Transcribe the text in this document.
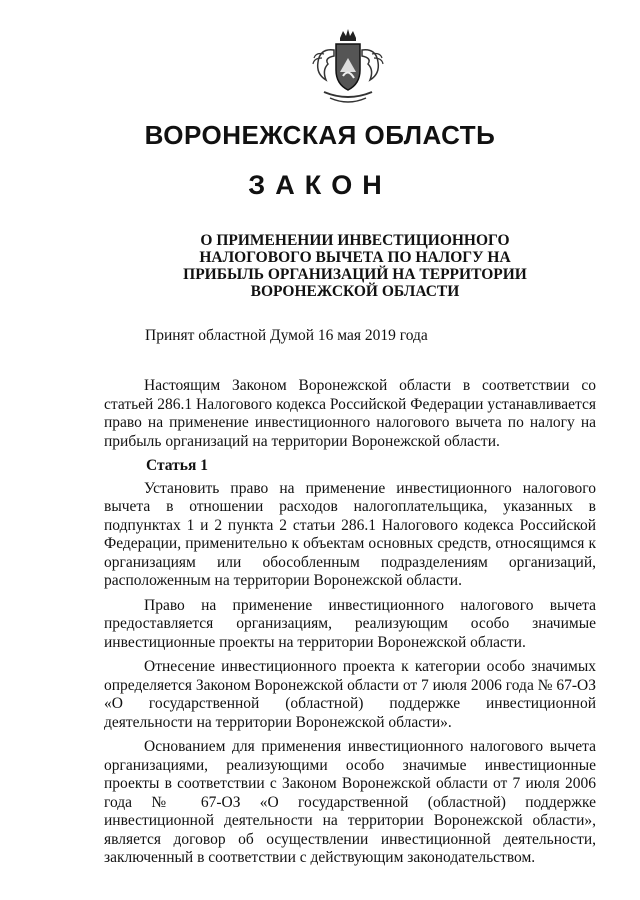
ВОРОНЕЖСКАЯ ОБЛАСТЬ
ЗАКОН
О ПРИМЕНЕНИИ ИНВЕСТИЦИОННОГО
НАЛОГОВОГО ВЫЧЕТА ПО НАЛОГУ НА
ПРИБЫЛЬ ОРГАНИЗАЦИЙ НА ТЕРРИТОРИИ
ВОРОНЕЖСКОЙ ОБЛАСТИ
Принят областной Думой 16 мая 2019 года

Настоящим Законом Воронежской области в соответствии со статьей 286.1 Налогового кодекса Российской Федерации устанавливается право на применение инвестиционного налогового вычета по налогу на прибыль организаций на территории Воронежской области.

Статья 1

Установить право на применение инвестиционного налогового вычета в отношении расходов налогоплательщика, указанных в подпунктах 1 и 2 пункта 2 статьи 286.1 Налогового кодекса Российской Федерации, применительно к объектам основных средств, относящимся к организациям или обособленным подразделениям организаций, расположенным на территории Воронежской области.

Право на применение инвестиционного налогового вычета предоставляется организациям, реализующим особо значимые инвестиционные проекты на территории Воронежской области.

Отнесение инвестиционного проекта к категории особо значимых определяется Законом Воронежской области от 7 июля 2006 года № 67-ОЗ «О государственной (областной) поддержке инвестиционной деятельности на территории Воронежской области».

Основанием для применения инвестиционного налогового вычета организациями, реализующими особо значимые инвестиционные проекты в соответствии с Законом Воронежской области от 7 июля 2006 года № 67-ОЗ «О государственной (областной) поддержке инвестиционной деятельности на территории Воронежской области», является договор об осуществлении инвестиционной деятельности, заключенный в соответствии с действующим законодательством.
